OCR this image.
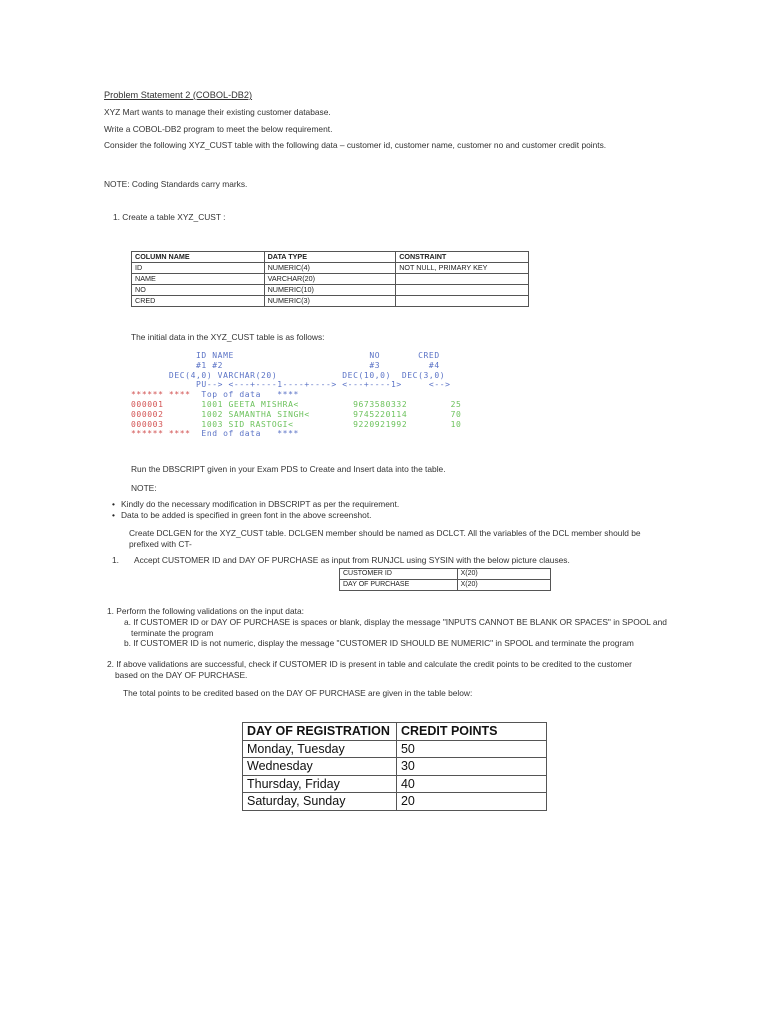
Problem Statement 2 (COBOL-DB2)
XYZ Mart wants to manage their existing customer database.
Write a COBOL-DB2 program to meet the below requirement.
Consider the following XYZ_CUST table with the following data – customer id, customer name, customer no and customer credit points.
NOTE: Coding Standards carry marks.
1. Create a table XYZ_CUST :
COLUMN NAME	DATA TYPE	CONSTRAINT
ID	NUMERIC(4)	NOT NULL, PRIMARY KEY
NAME	VARCHAR(20)	
NO	NUMERIC(10)	
CRED	NUMERIC(3)	
The initial data in the XYZ_CUST table is as follows:
ID NAME                         NO       CRED
#1 #2                           #3         #4
DEC(4,0) VARCHAR(20)            DEC(10,0)  DEC(3,0)
PU--> <---+----1----+----> <---+----1>     <-->
****** ****  Top of data   ****
000001       1001 GEETA MISHRA<          9673580332        25
000002       1002 SAMANTHA SINGH<        9745220114        70
000003       1003 SID RASTOGI<           9220921992        10
****** ****  End of data   ****
Run the DBSCRIPT given in your Exam PDS to Create and Insert data into the table.
NOTE:
• Kindly do the necessary modification in DBSCRIPT as per the requirement.
• Data to be added is specified in green font in the above screenshot.
Create DCLGEN for the XYZ_CUST table. DCLGEN member should be named as DCLCT. All the variables of the DCL member should be
prefixed with CT-
1. Accept CUSTOMER ID and DAY OF PURCHASE as input from RUNJCL using SYSIN with the below picture clauses.
CUSTOMER ID	X(20)
DAY OF PURCHASE	X(20)
1. Perform the following validations on the input data:
a. If CUSTOMER ID or DAY OF PURCHASE is spaces or blank, display the message "INPUTS CANNOT BE BLANK OR SPACES" in SPOOL and
terminate the program
b. If CUSTOMER ID is not numeric, display the message "CUSTOMER ID SHOULD BE NUMERIC" in SPOOL and terminate the program
2. If above validations are successful, check if CUSTOMER ID is present in table and calculate the credit points to be credited to the customer
based on the DAY OF PURCHASE.
The total points to be credited based on the DAY OF PURCHASE are given in the table below:
DAY OF REGISTRATION	CREDIT POINTS
Monday, Tuesday	50
Wednesday	30
Thursday, Friday	40
Saturday, Sunday	20
